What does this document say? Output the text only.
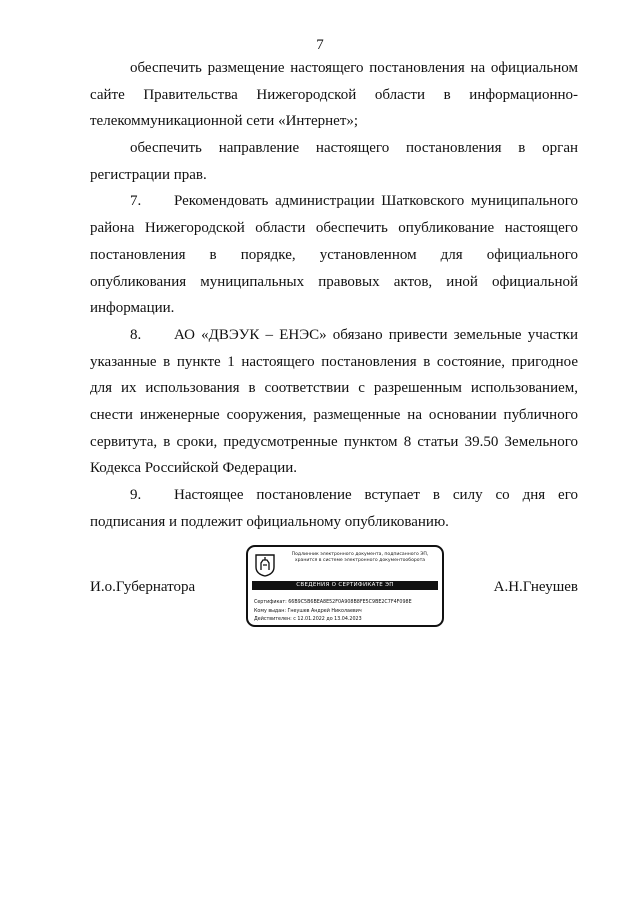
7
обеспечить размещение настоящего постановления на официальном
сайте Правительства Нижегородской области в информационно-
телекоммуникационной сети «Интернет»;
обеспечить направление настоящего постановления в орган
регистрации прав.
7. Рекомендовать администрации Шатковского муниципального
района Нижегородской области обеспечить опубликование настоящего
постановления в порядке, установленном для официального
опубликования муниципальных правовых актов, иной официальной
информации.
8. АО «ДВЭУК – ЕНЭС» обязано привести земельные участки
указанные в пункте 1 настоящего постановления в состояние, пригодное
для их использования в соответствии с разрешенным использованием,
снести инженерные сооружения, размещенные на основании публичного
сервитута, в сроки, предусмотренные пунктом 8 статьи 39.50 Земельного
Кодекса Российской Федерации.
9. Настоящее постановление вступает в силу со дня его
подписания и подлежит официальному опубликованию.
И.о.Губернатора
Подлинник электронного документа, подписанного ЭП,
хранится в системе электронного документооборота
СВЕДЕНИЯ О СЕРТИФИКАТЕ ЭП
Сертификат: 66B9C5B6BEA8E52F0A908B8FE5C9BE2C7F4F098E
Кому выдан: Гнеушев Андрей Николаевич
Действителен: с 12.01.2022 до 13.04.2023
А.Н.Гнеушев
